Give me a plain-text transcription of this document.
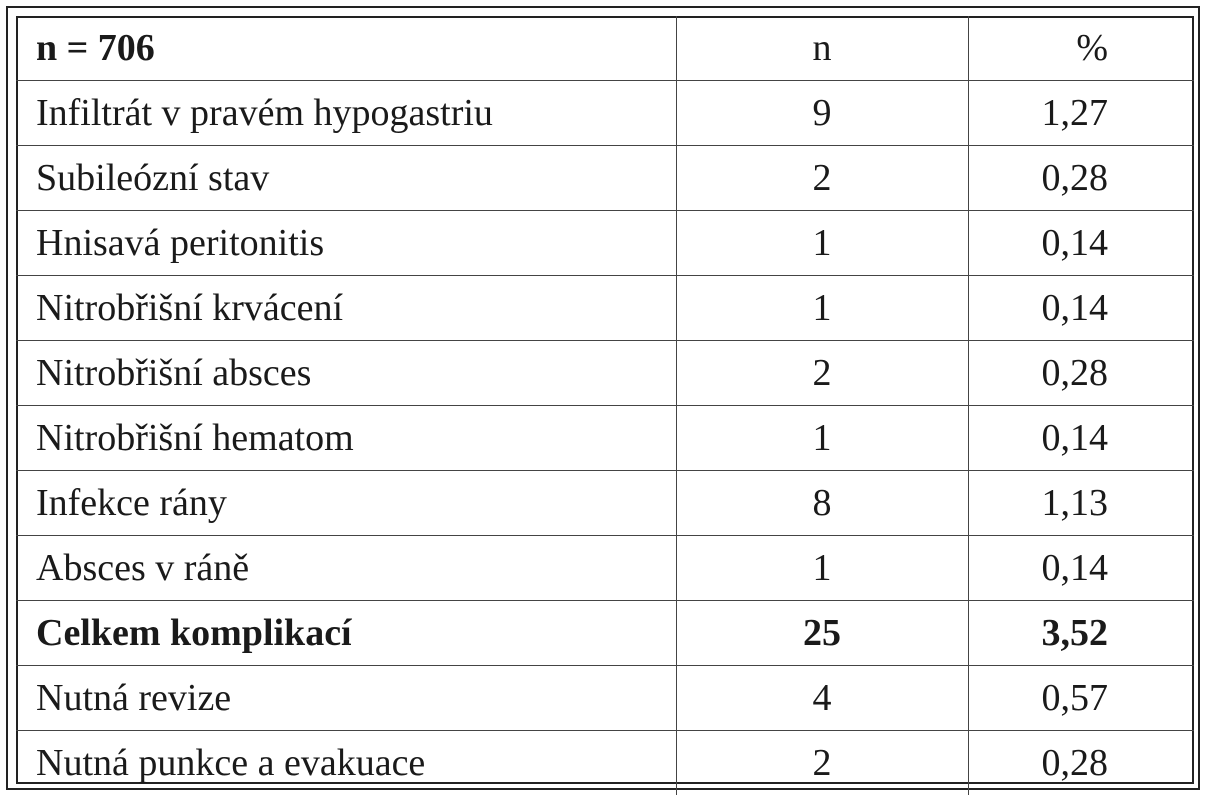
n = 706	n	%
Infiltrát v pravém hypogastriu	9	1,27
Subileózní stav	2	0,28
Hnisavá peritonitis	1	0,14
Nitrobřišní krvácení	1	0,14
Nitrobřišní absces	2	0,28
Nitrobřišní hematom	1	0,14
Infekce rány	8	1,13
Absces v ráně	1	0,14
Celkem komplikací	25	3,52
Nutná revize	4	0,57
Nutná punkce a evakuace	2	0,28
